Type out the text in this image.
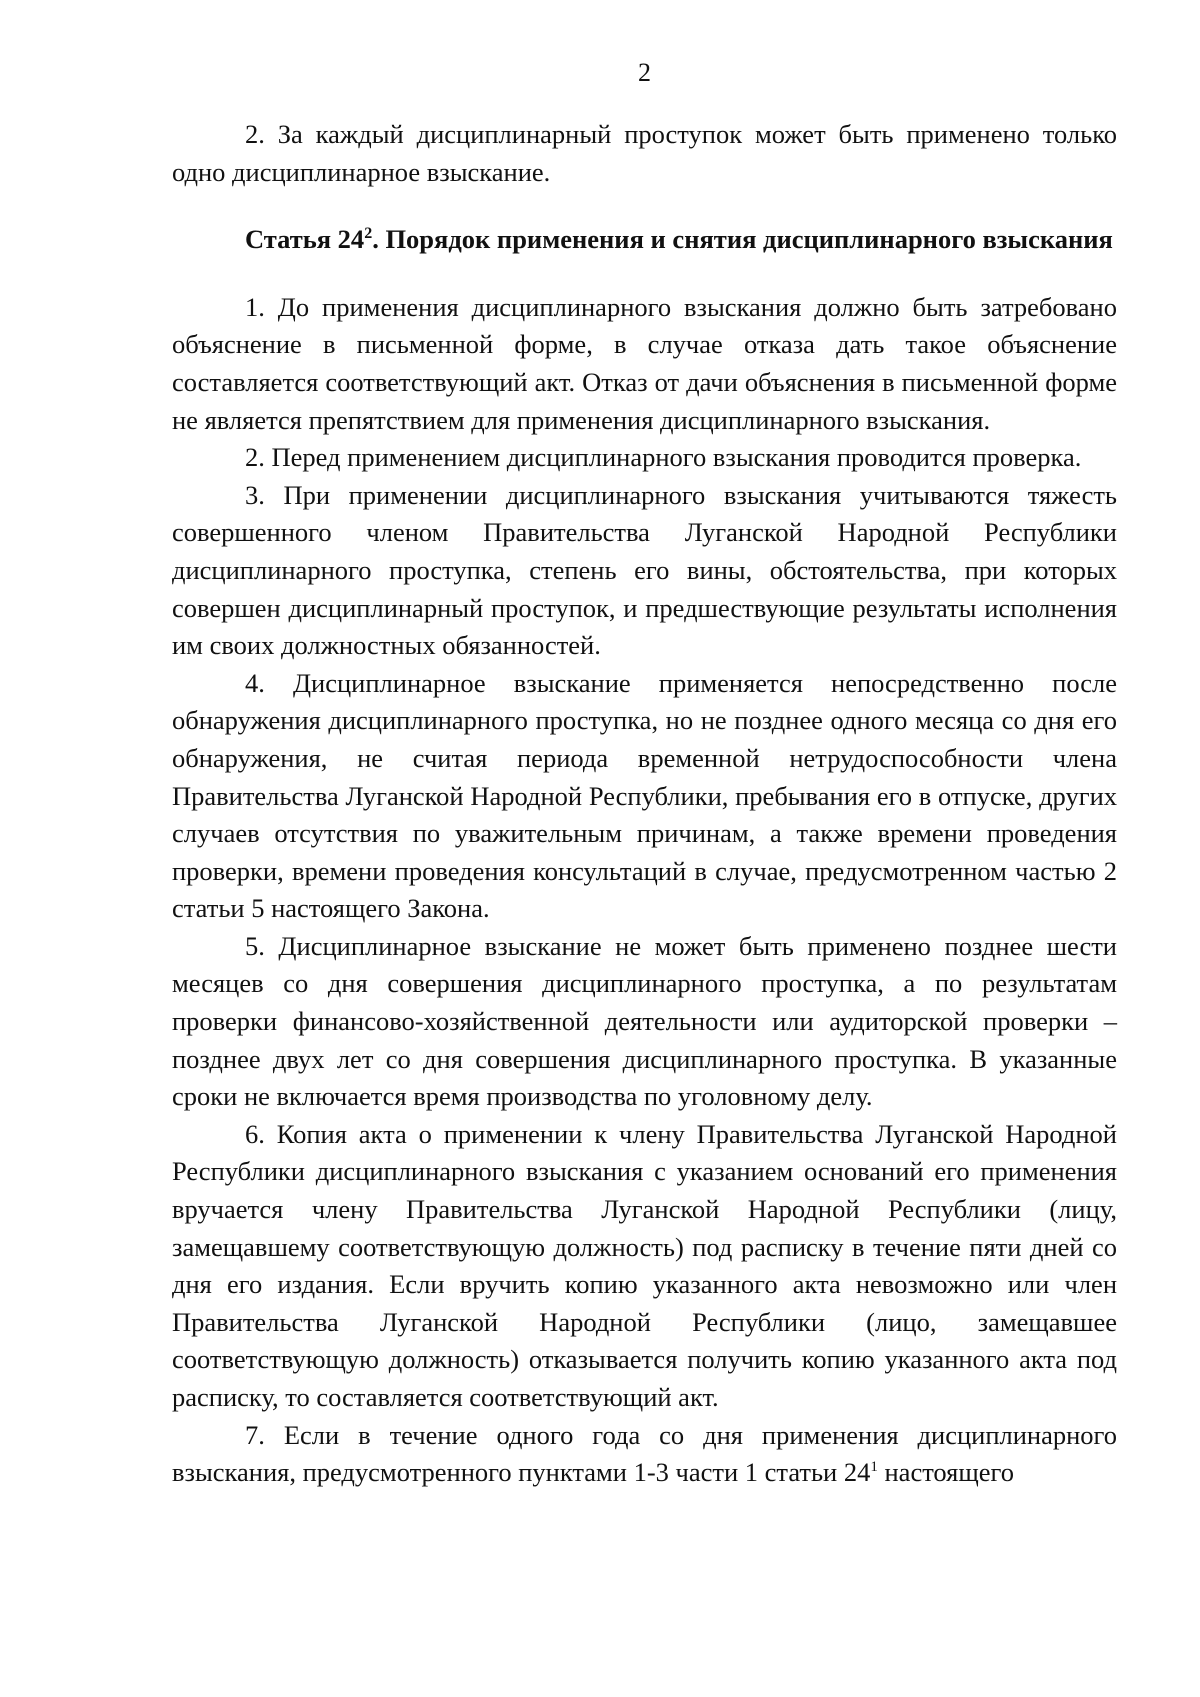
2

2. За каждый дисциплинарный проступок может быть применено только одно дисциплинарное взыскание.

Статья $24^2$. Порядок применения и снятия дисциплинарного взыскания

1. До применения дисциплинарного взыскания должно быть затребовано объяснение в письменной форме, в случае отказа дать такое объяснение составляется соответствующий акт. Отказ от дачи объяснения в письменной форме не является препятствием для применения дисциплинарного взыскания.

2. Перед применением дисциплинарного взыскания проводится проверка.

3. При применении дисциплинарного взыскания учитываются тяжесть совершенного членом Правительства Луганской Народной Республики дисциплинарного проступка, степень его вины, обстоятельства, при которых совершен дисциплинарный проступок, и предшествующие результаты исполнения им своих должностных обязанностей.

4. Дисциплинарное взыскание применяется непосредственно после обнаружения дисциплинарного проступка, но не позднее одного месяца со дня его обнаружения, не считая периода временной нетрудоспособности члена Правительства Луганской Народной Республики, пребывания его в отпуске, других случаев отсутствия по уважительным причинам, а также времени проведения проверки, времени проведения консультаций в случае, предусмотренном частью 2 статьи 5 настоящего Закона.

5. Дисциплинарное взыскание не может быть применено позднее шести месяцев со дня совершения дисциплинарного проступка, а по результатам проверки финансово-хозяйственной деятельности или аудиторской проверки – позднее двух лет со дня совершения дисциплинарного проступка. В указанные сроки не включается время производства по уголовному делу.

6. Копия акта о применении к члену Правительства Луганской Народной Республики дисциплинарного взыскания с указанием оснований его применения вручается члену Правительства Луганской Народной Республики (лицу, замещавшему соответствующую должность) под расписку в течение пяти дней со дня его издания. Если вручить копию указанного акта невозможно или член Правительства Луганской Народной Республики (лицо, замещавшее соответствующую должность) отказывается получить копию указанного акта под расписку, то составляется соответствующий акт.

7. Если в течение одного года со дня применения дисциплинарного взыскания, предусмотренного пунктами 1-3 части 1 статьи $24^1$ настоящего
